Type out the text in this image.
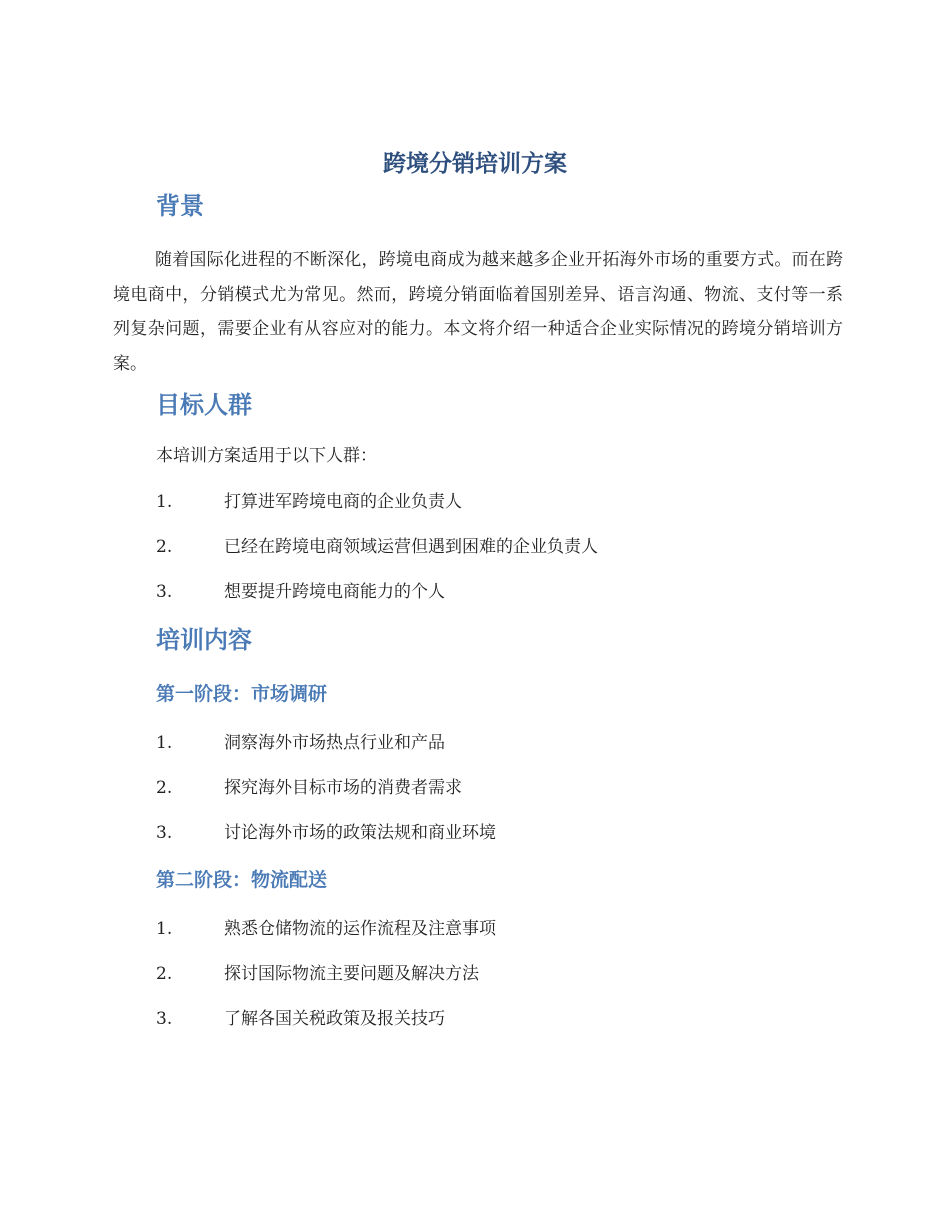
跨境分销培训方案
背景

随着国际化进程的不断深化，跨境电商成为越来越多企业开拓海外市场的重要方式。而在跨境电商中，分销模式尤为常见。然而，跨境分销面临着国别差异、语言沟通、物流、支付等一系列复杂问题，需要企业有从容应对的能力。本文将介绍一种适合企业实际情况的跨境分销培训方案。

目标人群
本培训方案适用于以下人群：
1.	打算进军跨境电商的企业负责人
2.	已经在跨境电商领域运营但遇到困难的企业负责人
3.	想要提升跨境电商能力的个人
培训内容
第一阶段：市场调研
1.	洞察海外市场热点行业和产品
2.	探究海外目标市场的消费者需求
3.	讨论海外市场的政策法规和商业环境
第二阶段：物流配送
1.	熟悉仓储物流的运作流程及注意事项
2.	探讨国际物流主要问题及解决方法
3.	了解各国关税政策及报关技巧
